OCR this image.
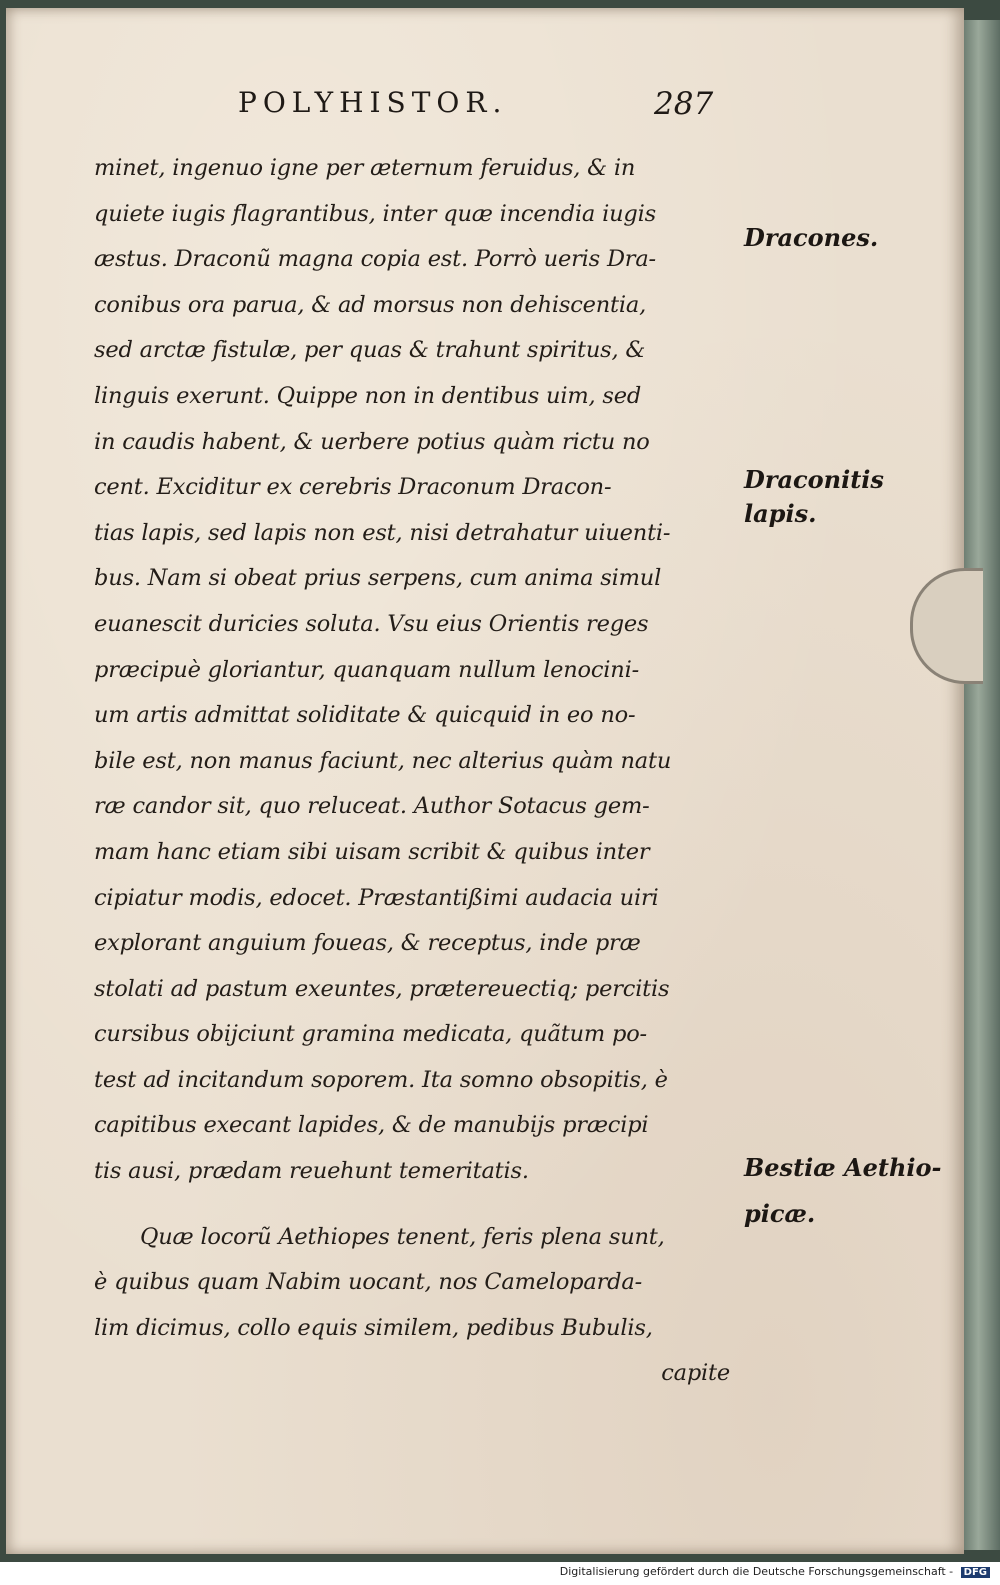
POLYHISTOR.	287
minet, ingenuo igne per æternum feruidus, & in
quiete iugis flagrantibus, inter quæ incendia iugis
æstus. Draconũ magna copia est. Porrò ueris Dra-
conibus ora parua, & ad morsus non dehiscentia,
sed arctæ fistulæ, per quas & trahunt spiritus, &
linguis exerunt. Quippe non in dentibus uim, sed
in caudis habent, & uerbere potius quàm rictu no
cent. Exciditur ex cerebris Draconum Dracon-
tias lapis, sed lapis non est, nisi detrahatur uiuenti-
bus. Nam si obeat prius serpens, cum anima simul
euanescit duricies soluta. Vsu eius Orientis reges
præcipuè gloriantur, quanquam nullum lenocini-
um artis admittat soliditate & quicquid in eo no-
bile est, non manus faciunt, nec alterius quàm natu
ræ candor sit, quo reluceat. Author Sotacus gem-
mam hanc etiam sibi uisam scribit & quibus inter
cipiatur modis, edocet. Præstantißimi audacia uiri
explorant anguium foueas, & receptus, inde præ
stolati ad pastum exeuntes, prætereuectiq; percitis
cursibus obijciunt gramina medicata, quãtum po-
test ad incitandum soporem. Ita somno obsopitis, è
capitibus execant lapides, & de manubijs præcipi
tis ausi, prædam reuehunt temeritatis.
Quæ locorũ Aethiopes tenent, feris plena sunt,
è quibus quam Nabim uocant, nos Cameloparda-
lim dicimus, collo equis similem, pedibus Bubulis,
capite
Dracones.
Draconitis
lapis.
Bestiæ Aethio-
picæ.
Digitalisierung gefördert durch die Deutsche Forschungsgemeinschaft - DFG
